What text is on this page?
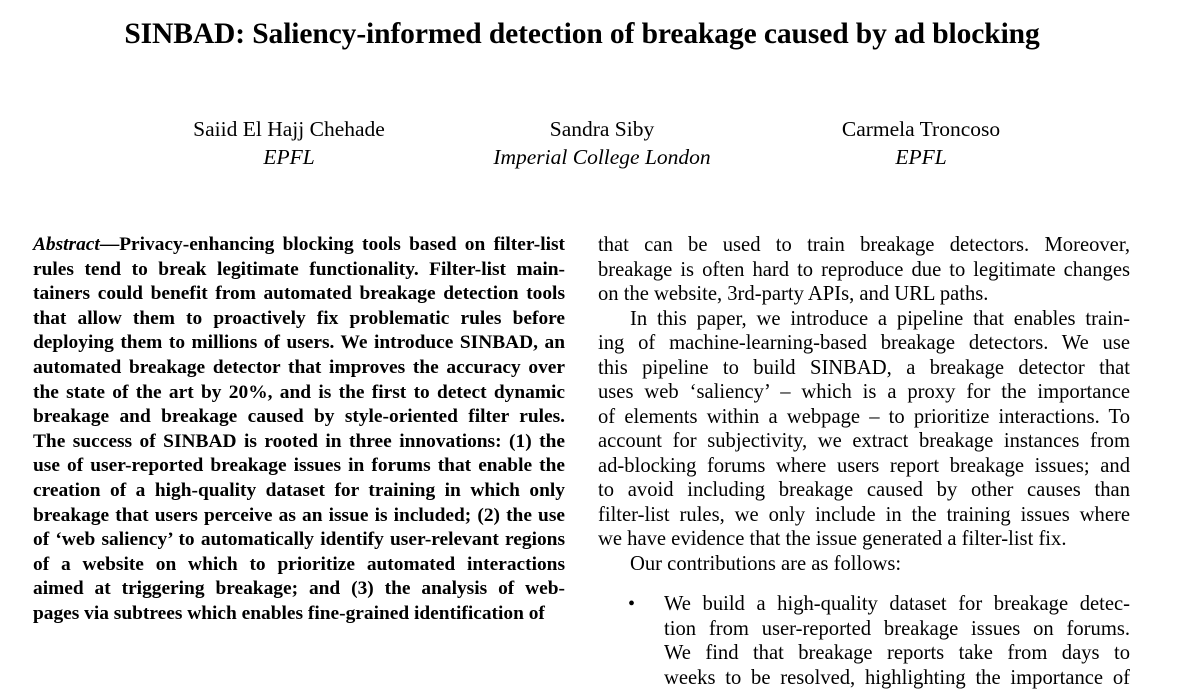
SINBAD: Saliency-informed detection of breakage caused by ad blocking
Saiid El Hajj Chehade
EPFL
Sandra Siby
Imperial College London
Carmela Troncoso
EPFL
Abstract—Privacy-enhancing blocking tools based on filter-list
rules tend to break legitimate functionality. Filter-list main-
tainers could benefit from automated breakage detection tools
that allow them to proactively fix problematic rules before
deploying them to millions of users. We introduce SINBAD, an
automated breakage detector that improves the accuracy over
the state of the art by 20%, and is the first to detect dynamic
breakage and breakage caused by style-oriented filter rules.
The success of SINBAD is rooted in three innovations: (1) the
use of user-reported breakage issues in forums that enable the
creation of a high-quality dataset for training in which only
breakage that users perceive as an issue is included; (2) the use
of ‘web saliency’ to automatically identify user-relevant regions
of a website on which to prioritize automated interactions
aimed at triggering breakage; and (3) the analysis of web-
pages via subtrees which enables fine-grained identification of
that can be used to train breakage detectors. Moreover,
breakage is often hard to reproduce due to legitimate changes
on the website, 3rd-party APIs, and URL paths.
In this paper, we introduce a pipeline that enables train-
ing of machine-learning-based breakage detectors. We use
this pipeline to build SINBAD, a breakage detector that
uses web ‘saliency’ – which is a proxy for the importance
of elements within a webpage – to prioritize interactions. To
account for subjectivity, we extract breakage instances from
ad-blocking forums where users report breakage issues; and
to avoid including breakage caused by other causes than
filter-list rules, we only include in the training issues where
we have evidence that the issue generated a filter-list fix.
Our contributions are as follows:
• We build a high-quality dataset for breakage detec-
tion from user-reported breakage issues on forums.
We find that breakage reports take from days to
weeks to be resolved, highlighting the importance of
